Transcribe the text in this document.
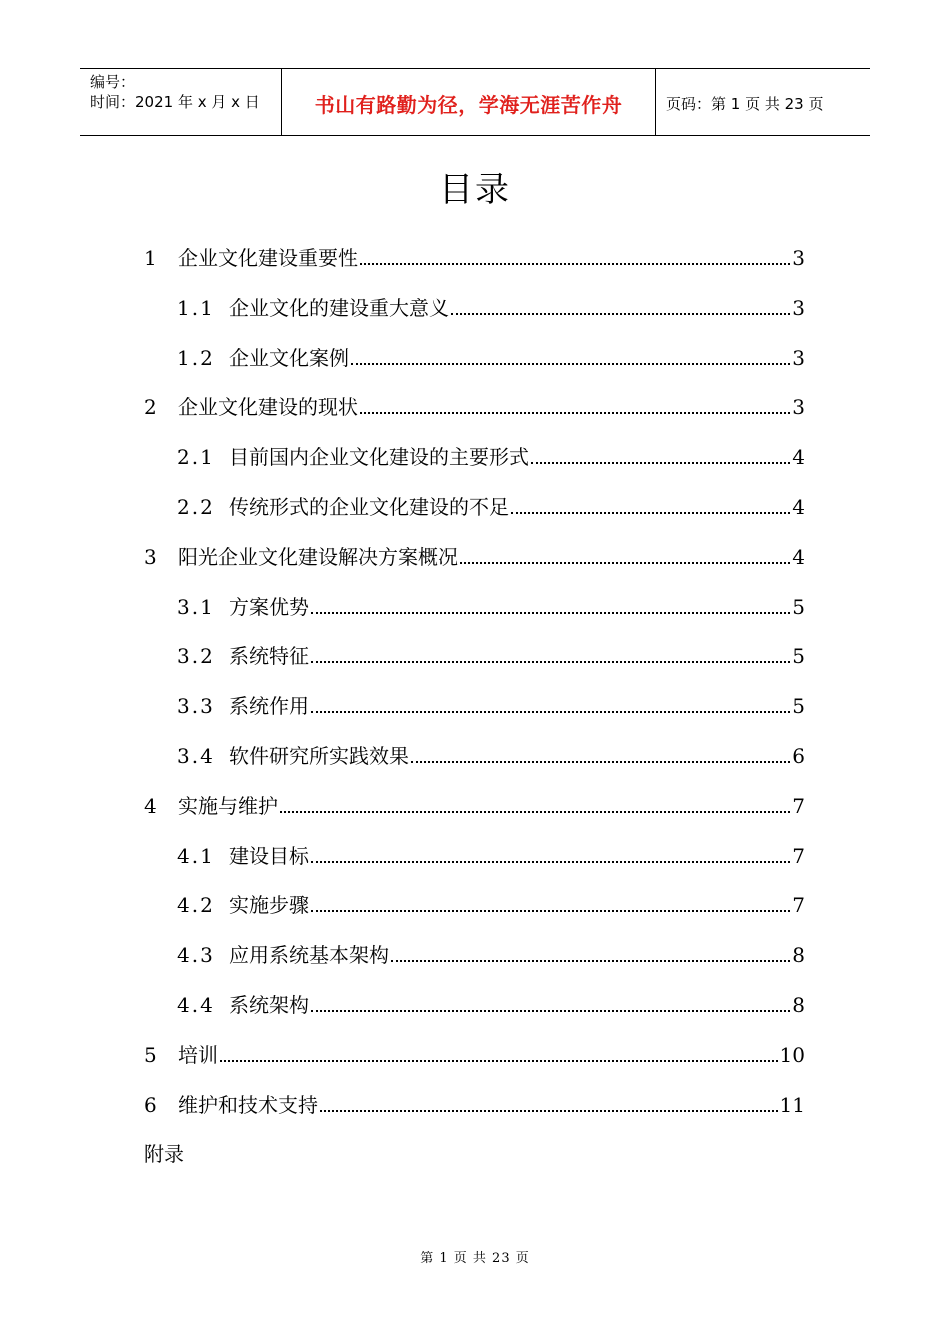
编号：
时间：2021 年 x 月 x 日	书山有路勤为径，学海无涯苦作舟	页码：第 1 页 共 23 页
目录
1	企业文化建设重要性	3
1.1 企业文化的建设重大意义	3
1.2 企业文化案例	3
2	企业文化建设的现状	3
2.1 目前国内企业文化建设的主要形式	4
2.2 传统形式的企业文化建设的不足	4
3	阳光企业文化建设解决方案概况	4
3.1 方案优势	5
3.2 系统特征	5
3.3 系统作用	5
3.4 软件研究所实践效果	6
4	实施与维护	7
4.1 建设目标	7
4.2 实施步骤	7
4.3 应用系统基本架构	8
4.4 系统架构	8
5	培训	10
6	维护和技术支持	11
附录
第 1 页 共 23 页
